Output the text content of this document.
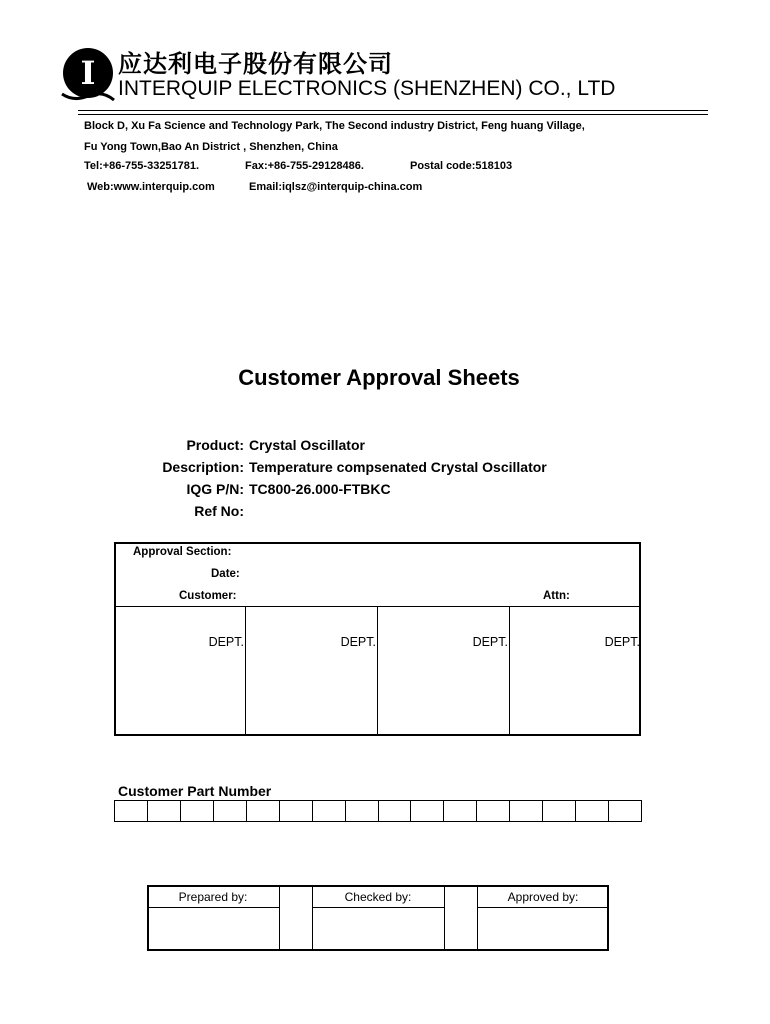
I 应达利电子股份有限公司
INTERQUIP ELECTRONICS (SHENZHEN) CO., LTD
Block D, Xu Fa Science and Technology Park, The Second industry District, Feng huang Village,
Fu Yong Town,Bao An District , Shenzhen, China
Tel:+86-755-33251781.	Fax:+86-755-29128486.	Postal code:518103
Web:www.interquip.com	Email:iqlsz@interquip-china.com
Customer Approval Sheets
Product: Crystal Oscillator
Description: Temperature compsenated Crystal Oscillator
IQG P/N: TC800-26.000-FTBKC
Ref No:
Approval Section:
Date:
Customer:	Attn:
DEPT.	DEPT.	DEPT.	DEPT.
Customer Part Number
Prepared by:	Checked by:	Approved by:
